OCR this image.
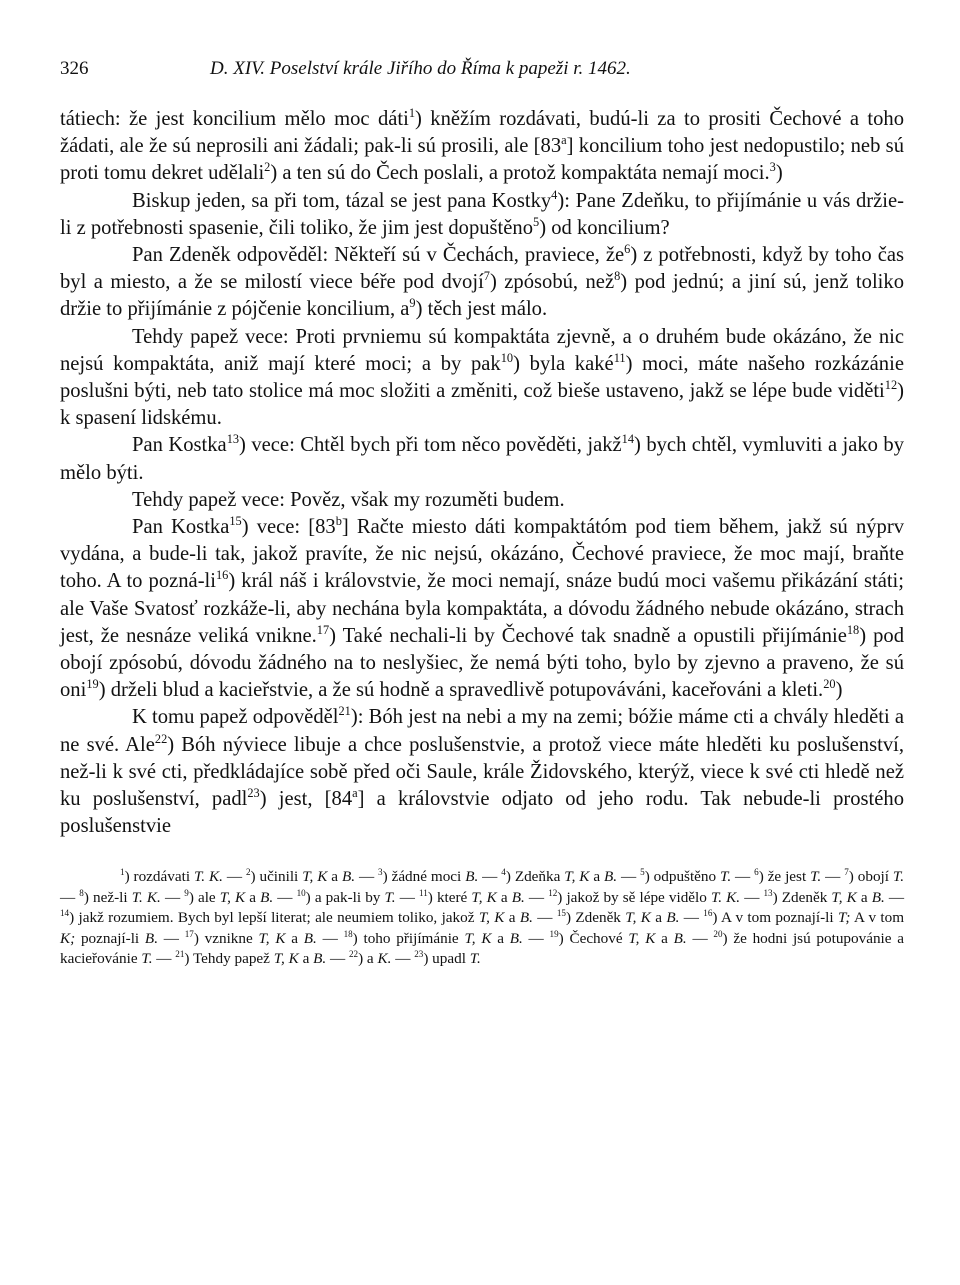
326	D. XIV. Poselství krále Jiřího do Říma k papeži r. 1462.

tátiech: že jest koncilium mělo moc dáti$^1$) kněžím rozdávati, budú-li za to prositi Čechové a toho žádati, ale že sú neprosili ani žádali; pak-li sú prosili, ale [83$^a$] koncilium toho jest nedopustilo; neb sú proti tomu dekret udělali$^2$) a ten sú do Čech poslali, a protož kompaktáta nemají moci.$^3$)

Biskup jeden, sa při tom, tázal se jest pana Kostky$^4$): Pane Zdeňku, to přijímánie u vás držie-li z potřebnosti spasenie, čili toliko, že jim jest dopuštěno$^5$) od koncilium?

Pan Zdeněk odpověděl: Někteří sú v Čechách, praviece, $že^6$) z potřebnosti, když by toho čas byl a miesto, a že se milostí viece béře pod dvojí$^7$) zpósobú, než$^8$) pod jednú; a jiní sú, jenž toliko držie to přijímánie z pójčenie koncilium, $a^9$) těch jest málo.

Tehdy papež vece: Proti prvniemu sú kompaktáta zjevně, a o druhém bude okázáno, že nic nejsú kompaktáta, aniž mají které moci; a by pak$^{10}$) byla kaké$^{11}$) moci, máte našeho rozkázánie poslušni býti, neb tato stolice má moc složiti a změniti, což bieše ustaveno, jakž se lépe bude viděti$^{12}$) k spasení lidskému.

Pan Kostka$^{13}$) vece: Chtěl bych při tom něco pověděti, jakž$^{14}$) bych chtěl, vymluviti a jako by mělo býti.

Tehdy papež vece: Pověz, však my rozuměti budem.

Pan Kostka$^{15}$) vece: [83$^b$] Račte miesto dáti kompaktátóm pod tiem během, jakž sú nýprv vydána, a bude-li tak, jakož pravíte, že nic nejsú, okázáno, Čechové praviece, že moc mají, braňte toho. A to pozná-$li^{16}$) král náš i královstvie, že moci nemají, snáze budú moci vašemu přikázání státi; ale Vaše Svatosť rozkáže-li, aby nechána byla kompaktáta, a dóvodu žádného nebude okázáno, strach jest, že nesnáze veliká vnikne.$^{17}$) Také nechali-li by Čechové tak snadně a opustili přijímánie$^{18}$) pod obojí zpósobú, dóvodu žádného na to neslyšiec, že nemá býti toho, bylo by zjevno a praveno, že sú oni$^{19}$) drželi blud a kacieřstvie, a že sú hodně a spravedlivě potupováváni, kaceřováni a kleti.$^{20}$)

K tomu papež odpověděl$^{21}$): Bóh jest na nebi a my na zemi; bóžie máme cti a chvály hleděti a ne své. Ale$^{22}$) Bóh nýviece libuje a chce poslušenstvie, a protož viece máte hleděti ku poslušenství, než-li k své cti, předkládajíce sobě před oči Saule, krále Židovského, kterýž, viece k své cti hledě než ku poslušenství, padl$^{23}$) jest, [84$^a$] a královstvie odjato od jeho rodu. Tak nebude-li prostého poslušenstvie

$^1$) rozdávati T. K. — $^2$) učinili T, K a B. — $^3$) žádné moci B. — $^4$) Zdeňka T, K a B. — $^5$) odpuštěno T. — $^6$) že jest T. — $^7$) obojí T. — $^8$) než-li T. K. — $^9$) ale T, K a B. — $^{10}$) a pak-li by T. — $^{11}$) které T, K a B. — $^{12}$) jakož by sě lépe vidělo T. K. — $^{13}$) Zdeněk T, K a B. — $^{14}$) jakž rozumiem. Bych byl lepší literat; ale neumiem toliko, jakož T, K a B. — $^{15}$) Zdeněk T, K a B. — $^{16}$) A v tom poznají-li T; A v tom K; poznají-li B. — $^{17}$) vznikne T, K a B. — $^{18}$) toho přijímánie T, K a B. — $^{19}$) Čechové T, K a B. — $^{20}$) že hodni jsú potupovánie a kacieřovánie T. — $^{21}$) Tehdy papež T, K a B. — $^{22}$) a K. — $^{23}$) upadl T.
